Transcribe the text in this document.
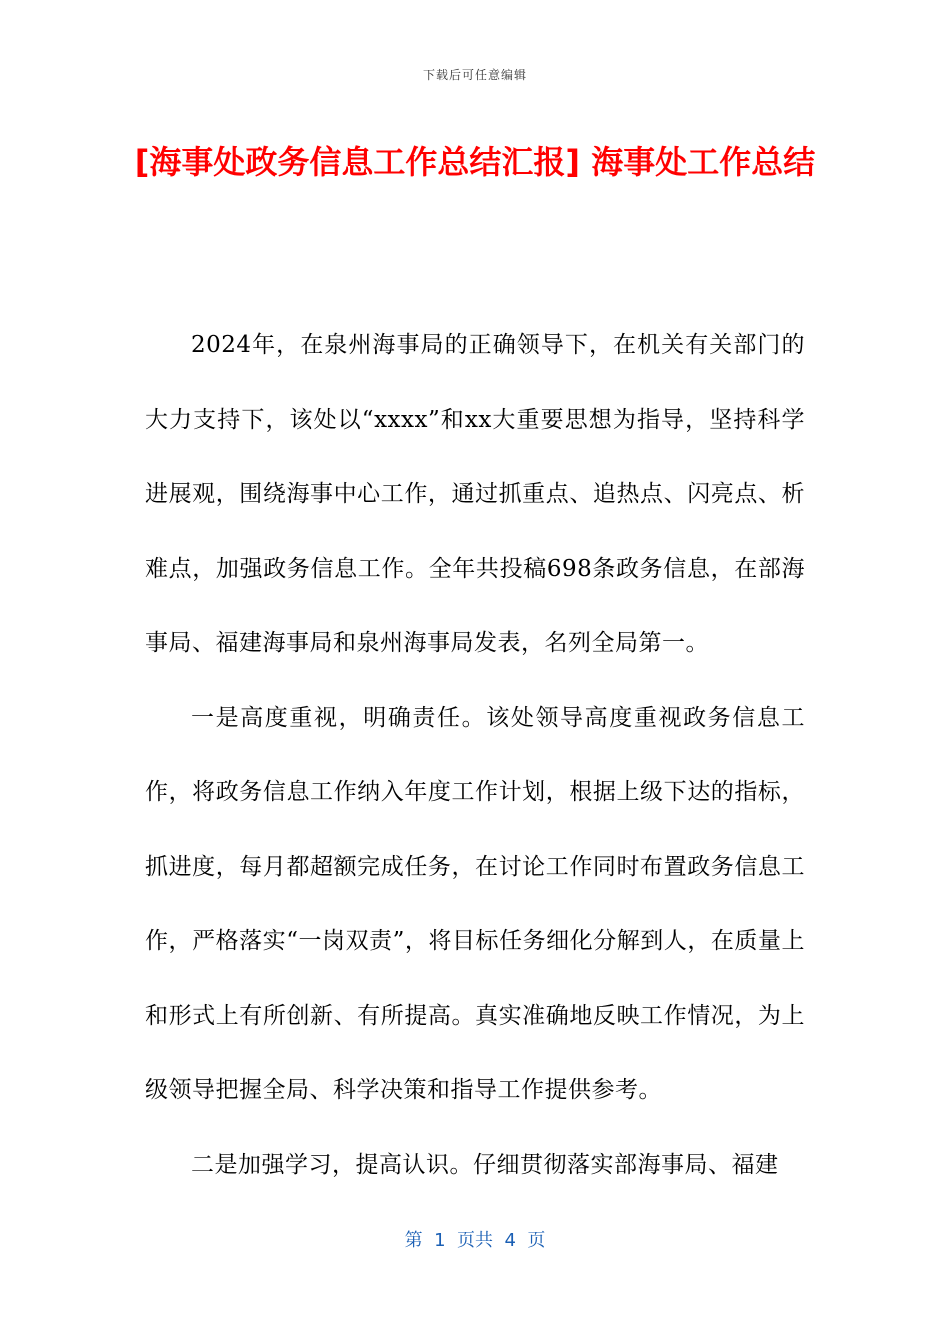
下载后可任意编辑
[海事处政务信息工作总结汇报] 海事处工作总结

2024年，在泉州海事局的正确领导下，在机关有关部门的大力支持下，该处以“xxxx”和xx大重要思想为指导，坚持科学进展观，围绕海事中心工作，通过抓重点、追热点、闪亮点、析难点，加强政务信息工作。全年共投稿698条政务信息，在部海事局、福建海事局和泉州海事局发表，名列全局第一。

一是高度重视，明确责任。该处领导高度重视政务信息工作，将政务信息工作纳入年度工作计划，根据上级下达的指标，抓进度，每月都超额完成任务，在讨论工作同时布置政务信息工作，严格落实“一岗双责”，将目标任务细化分解到人，在质量上和形式上有所创新、有所提高。真实准确地反映工作情况，为上级领导把握全局、科学决策和指导工作提供参考。

二是加强学习，提高认识。仔细贯彻落实部海事局、福建

第  1  页共  4  页
